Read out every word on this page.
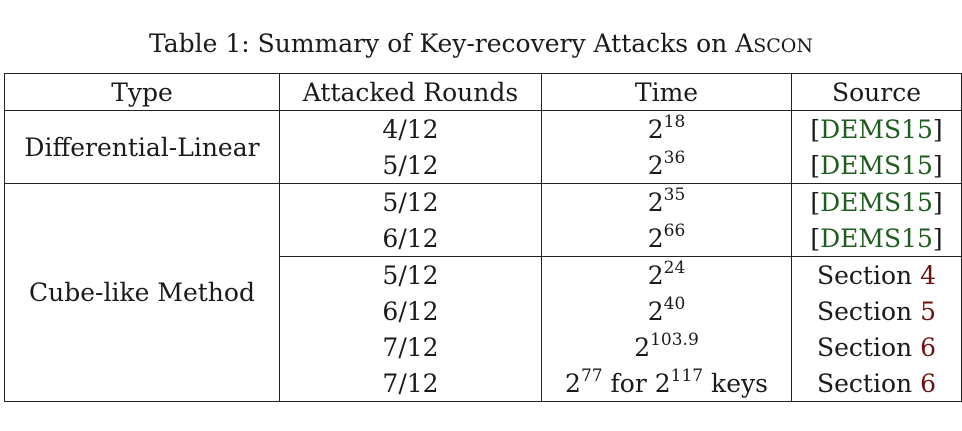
Table 1: Summary of Key-recovery Attacks on ASCON
Type	Attacked Rounds	Time	Source
Differential-Linear	4/12	$2^{18}$	[DEMS15]
	5/12	$2^{36}$	[DEMS15]
Cube-like Method	5/12	$2^{35}$	[DEMS15]
	6/12	$2^{66}$	[DEMS15]
	5/12	$2^{24}$	Section 4
	6/12	$2^{40}$	Section 5
	7/12	$2^{103.9}$	Section 6
	7/12	$2^{77}$ for $2^{117}$ keys	Section 6
